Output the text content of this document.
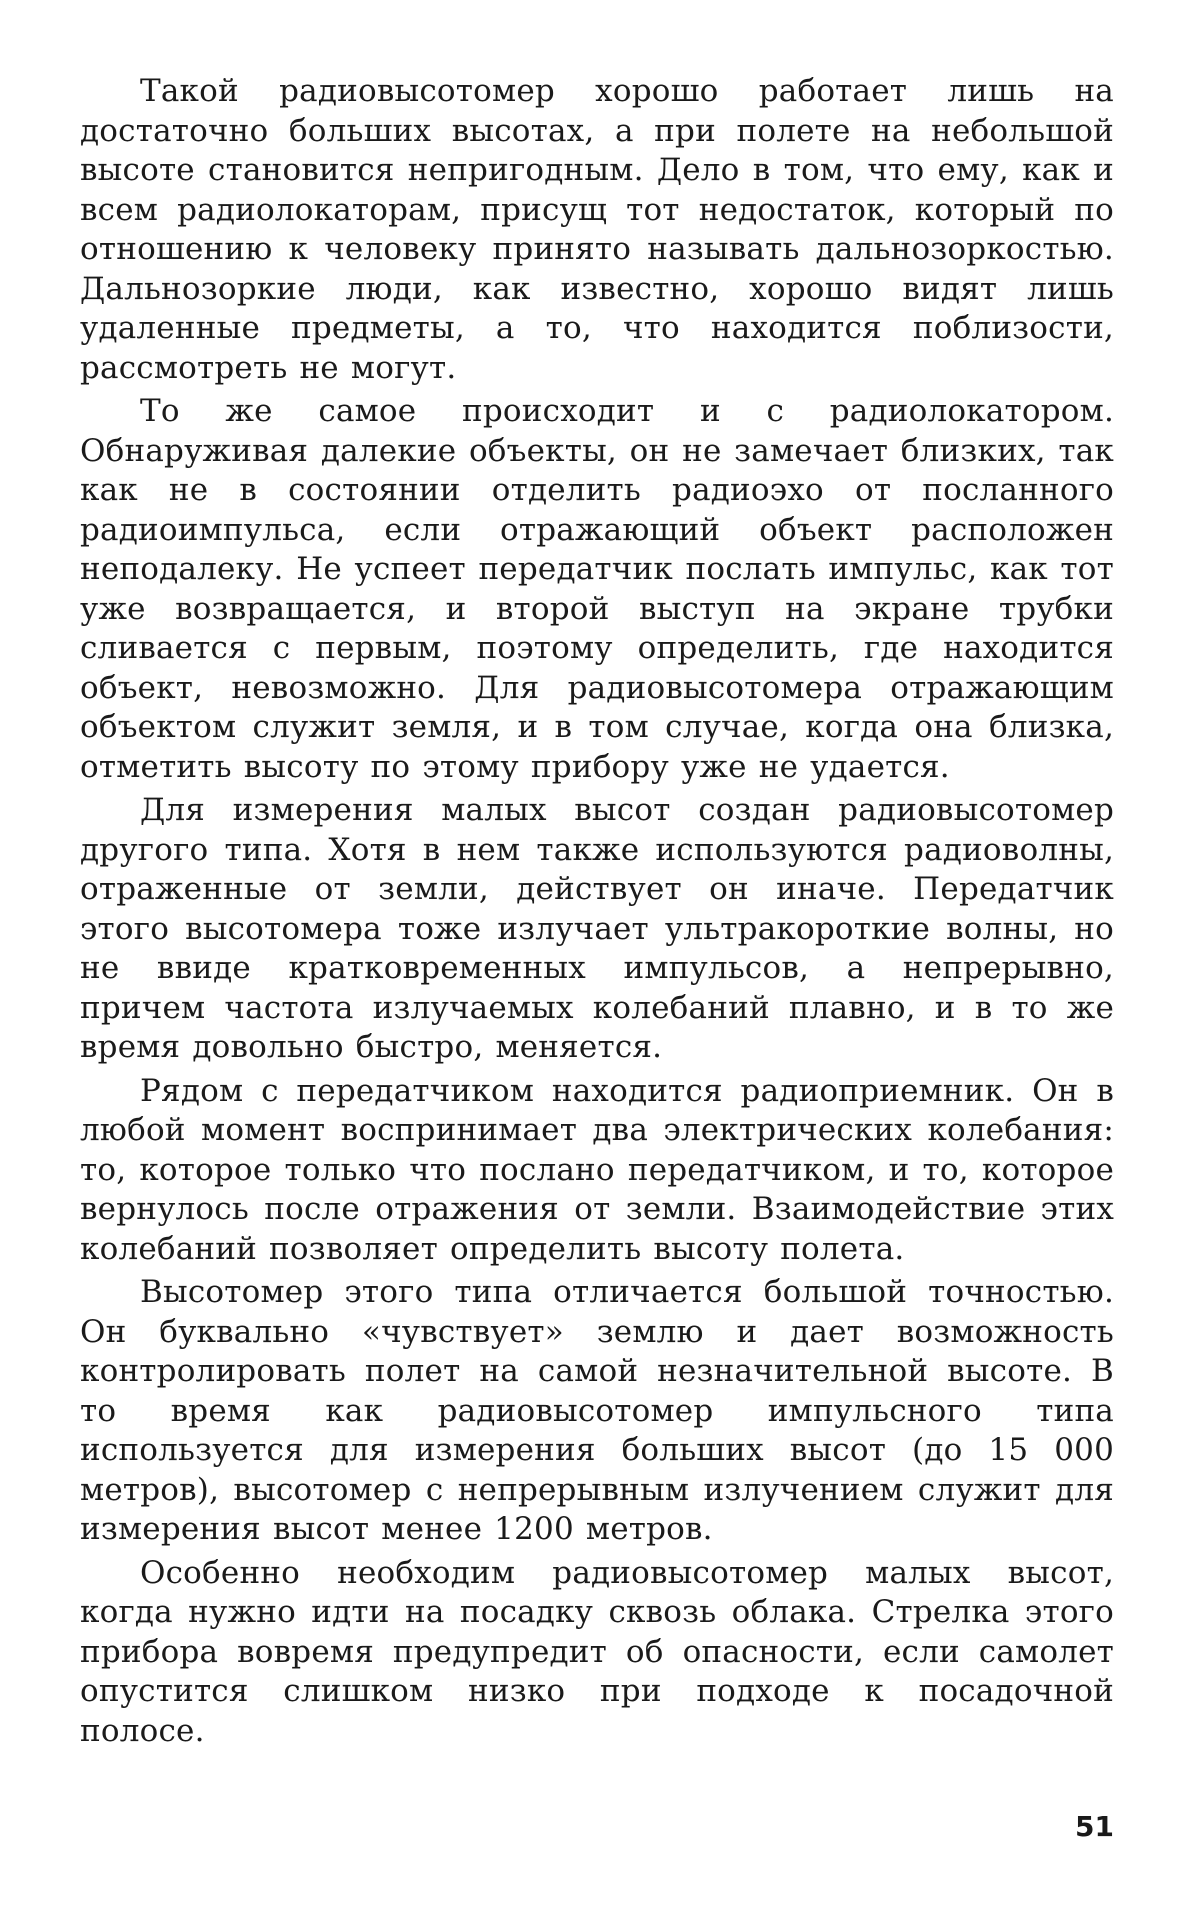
Такой радиовысотомер хорошо работает лишь на достаточно больших высотах, а при полете на небольшой высоте становится непригодным. Дело в том, что ему, как и всем радиолокаторам, присущ тот недостаток, который по отношению к человеку принято называть дальнозоркостью. Дальнозоркие люди, как известно, хорошо видят лишь удаленные предметы, а то, что находится поблизости, рассмотреть не могут.

То же самое происходит и с радиолокатором. Обнаруживая далекие объекты, он не замечает близких, так как не в состоянии отделить радиоэхо от посланного радиоимпульса, если отражающий объект расположен неподалеку. Не успеет передатчик послать импульс, как тот уже возвращается, и второй выступ на экране трубки сливается с первым, поэтому определить, где находится объект, невозможно. Для радиовысотомера отражающим объектом служит земля, и в том случае, когда она близка, отметить высоту по этому прибору уже не удается.

Для измерения малых высот создан радиовысотомер другого типа. Хотя в нем также используются радиоволны, отраженные от земли, действует он иначе. Передатчик этого высотомера тоже излучает ультракороткие волны, но не ввиде кратковременных импульсов, а непрерывно, причем частота излучаемых колебаний плавно, и в то же время довольно быстро, меняется.

Рядом с передатчиком находится радиоприемник. Он в любой момент воспринимает два электрических колебания: то, которое только что послано передатчиком, и то, которое вернулось после отражения от земли. Взаимодействие этих колебаний позволяет определить высоту полета.

Высотомер этого типа отличается большой точностью. Он буквально «чувствует» землю и дает возможность контролировать полет на самой незначительной высоте. В то время как радиовысотомер импульсного типа используется для измерения больших высот (до 15 000 метров), высотомер с непрерывным излучением служит для измерения высот менее 1200 метров.

Особенно необходим радиовысотомер малых высот, когда нужно идти на посадку сквозь облака. Стрелка этого прибора вовремя предупредит об опасности, если самолет опустится слишком низко при подходе к посадочной полосе.

51
